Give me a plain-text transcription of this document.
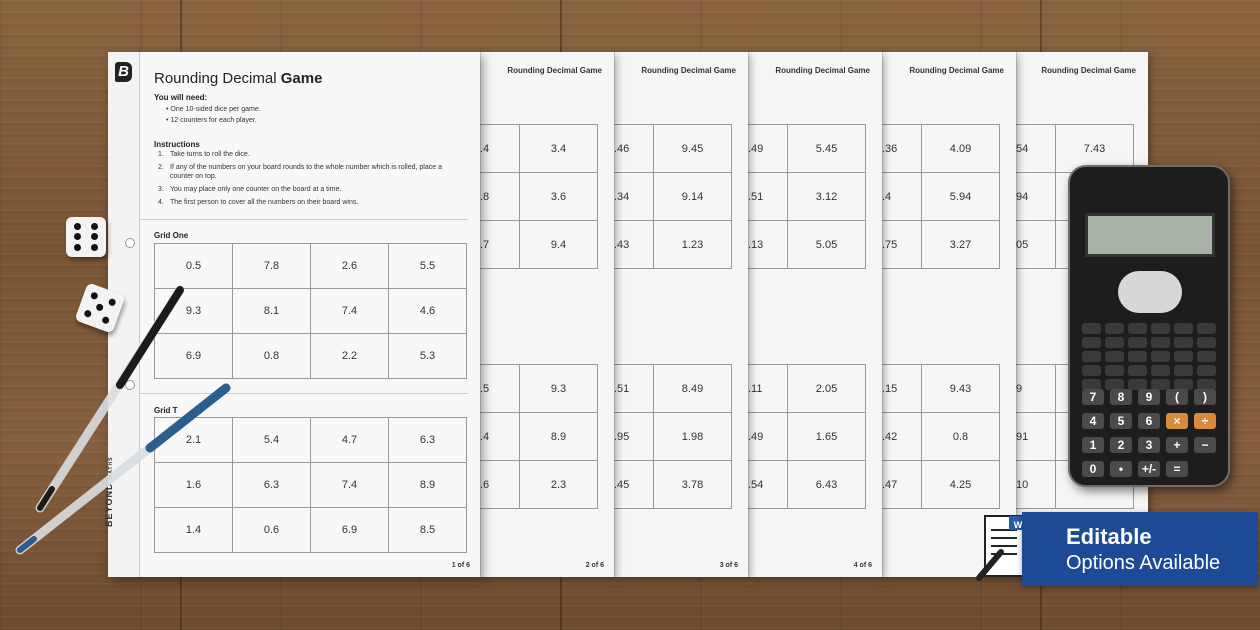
Rounding Decimal Game
54	7.43
94	
05	
9	
91	
10	
Rounding Decimal Game
.36	4.09
.4	5.94
.75	3.27
.15	9.43
.42	0.8
.47	4.25
Rounding Decimal Game
.49	5.45
.51	3.12
.13	5.05
.11	2.05
.49	1.65
.54	6.43
4 of 6
Rounding Decimal Game
.46	9.45
.34	9.14
.43	1.23
.51	8.49
.95	1.98
.45	3.78
3 of 6
Rounding Decimal Game
.4	3.4
.8	3.6
.7	9.4
.5	9.3
.4	8.9
.6	2.3
2 of 6
B
BEYOND MATHS
Rounding Decimal Game
You will need:
• One 10-sided dice per game.
• 12 counters for each player.
Instructions
1. Take turns to roll the dice.
2. If any of the numbers on your board rounds to the whole number which is rolled, place a counter on top.
3. You may place only one counter on the board at a time.
4. The first person to cover all the numbers on their board wins.
Grid One
0.5	7.8	2.6	5.5
9.3	8.1	7.4	4.6
6.9	0.8	2.2	5.3
Grid T
2.1	5.4	4.7	6.3
1.6	6.3	7.4	8.9
1.4	0.6	6.9	8.5
1 of 6
7	8	9	(	)
4	5	6	×	÷
1	2	3	+	−
0	•	+/-	=
Editable
Options Available
W
